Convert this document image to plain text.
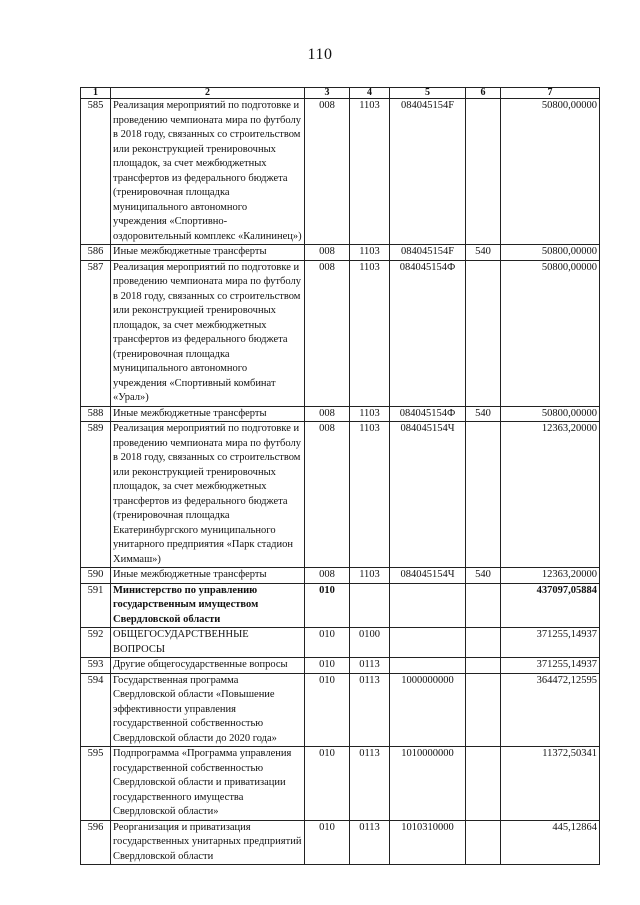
110
1	2	3	4	5	6	7
585	Реализация мероприятий по подготовке и проведению чемпионата мира по футболу в 2018 году, связанных со строительством или реконструкцией тренировочных площадок, за счет межбюджетных трансфертов из федерального бюджета (тренировочная площадка муниципального автономного учреждения «Спортивно-оздоровительный комплекс «Калининец»)	008	1103	084045154F		50800,00000
586	Иные межбюджетные трансферты	008	1103	084045154F	540	50800,00000
587	Реализация мероприятий по подготовке и проведению чемпионата мира по футболу в 2018 году, связанных со строительством или реконструкцией тренировочных площадок, за счет межбюджетных трансфертов из федерального бюджета (тренировочная площадка муниципального автономного учреждения «Спортивный комбинат «Урал»)	008	1103	084045154Ф		50800,00000
588	Иные межбюджетные трансферты	008	1103	084045154Ф	540	50800,00000
589	Реализация мероприятий по подготовке и проведению чемпионата мира по футболу в 2018 году, связанных со строительством или реконструкцией тренировочных площадок, за счет межбюджетных трансфертов из федерального бюджета (тренировочная площадка Екатеринбургского муниципального унитарного предприятия «Парк стадион Химмаш»)	008	1103	084045154Ч		12363,20000
590	Иные межбюджетные трансферты	008	1103	084045154Ч	540	12363,20000
591	Министерство по управлению государственным имуществом Свердловской области	010				437097,05884
592	ОБЩЕГОСУДАРСТВЕННЫЕ ВОПРОСЫ	010	0100			371255,14937
593	Другие общегосударственные вопросы	010	0113			371255,14937
594	Государственная программа Свердловской области «Повышение эффективности управления государственной собственностью Свердловской области до 2020 года»	010	0113	1000000000		364472,12595
595	Подпрограмма «Программа управления государственной собственностью Свердловской области и приватизации государственного имущества Свердловской области»	010	0113	1010000000		11372,50341
596	Реорганизация и приватизация государственных унитарных предприятий Свердловской области	010	0113	1010310000		445,12864
